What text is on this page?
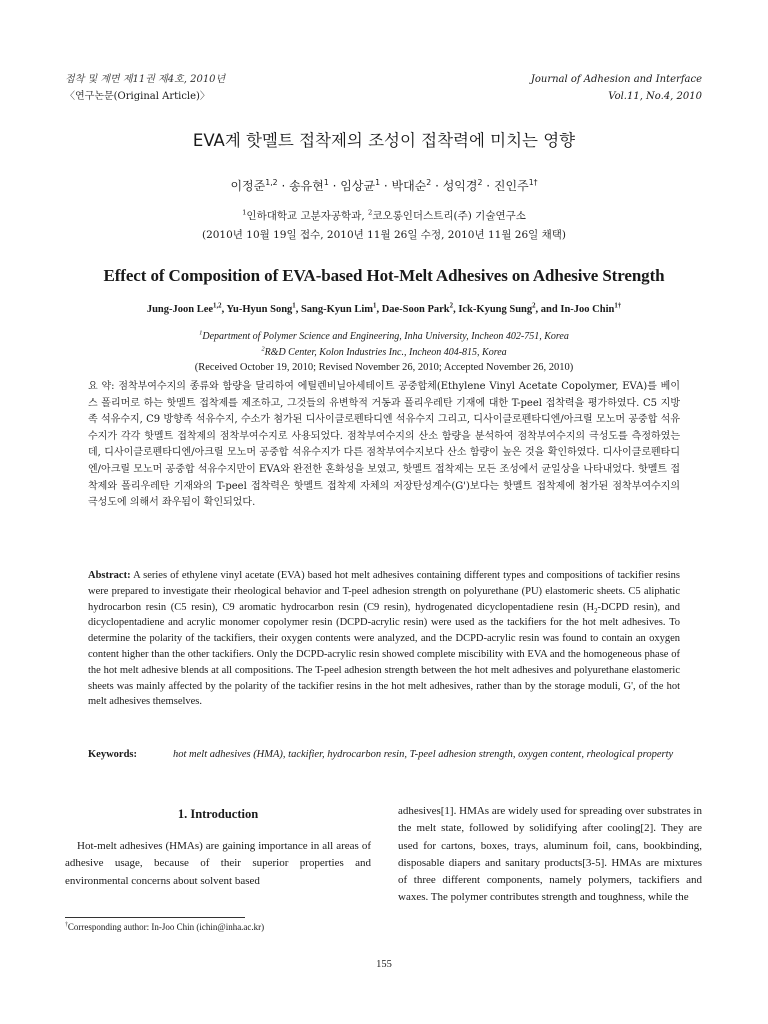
접착 및 계면 제11권 제4호, 2010년
〈연구논문(Original Article)〉
Journal of Adhesion and Interface
Vol.11, No.4, 2010
EVA계 핫멜트 접착제의 조성이 접착력에 미치는 영향
이정준$^{1,2}$ · 송유현$^1$ · 임상균$^1$ · 박대순$^2$ · 성익경$^2$ · 진인주$^{1\dagger}$
$^1$인하대학교 고분자공학과, $^2$코오롱인더스트리(주) 기술연구소
(2010년 10월 19일 접수, 2010년 11월 26일 수정, 2010년 11월 26일 채택)
Effect of Composition of EVA-based Hot-Melt Adhesives on Adhesive Strength
Jung-Joon Lee$^{1,2}$, Yu-Hyun Song$^1$, Sang-Kyun Lim$^1$, Dae-Soon Park$^2$, Ick-Kyung Sung$^2$, and In-Joo Chin$^{1\dagger}$
$^1$Department of Polymer Science and Engineering, Inha University, Incheon 402-751, Korea
$^2$R&D Center, Kolon Industries Inc., Incheon 404-815, Korea
(Received October 19, 2010; Revised November 26, 2010; Accepted November 26, 2010)
요 약: 점착부여수지의 종류와 함량을 달리하여 에틸렌비닐아세테이트 공중합체(Ethylene Vinyl Acetate Copolymer, EVA)를 베이스 폴리머로 하는 핫멜트 접착제를 제조하고, 그것들의 유변학적 거동과 폴리우레탄 기재에 대한 T-peel 접착력을 평가하였다. C5 지방족 석유수지, C9 방향족 석유수지, 수소가 첨가된 디사이클로펜타디엔 석유수지 그리고, 디사이클로펜타디엔/아크릴 모노머 공중합 석유수지가 각각 핫멜트 접착제의 점착부여수지로 사용되었다. 점착부여수지의 산소 함량을 분석하여 점착부여수지의 극성도를 측정하였는데, 디사이클로펜타디엔/아크릴 모노머 공중합 석유수지가 다른 점착부여수지보다 산소 함량이 높은 것을 확인하였다. 디사이클로펜타디엔/아크릴 모노머 공중합 석유수지만이 EVA와 완전한 혼화성을 보였고, 핫멜트 접착제는 모든 조성에서 균일상을 나타내었다. 핫멜트 접착제와 폴리우레탄 기재와의 T-peel 접착력은 핫멜트 접착제 자체의 저장탄성계수(G')보다는 핫멜트 접착제에 첨가된 점착부여수지의 극성도에 의해서 좌우됨이 확인되었다.
Abstract: A series of ethylene vinyl acetate (EVA) based hot melt adhesives containing different types and compositions of tackifier resins were prepared to investigate their rheological behavior and T-peel adhesion strength on polyurethane (PU) elastomeric sheets. C5 aliphatic hydrocarbon resin (C5 resin), C9 aromatic hydrocarbon resin (C9 resin), hydrogenated dicyclopentadiene resin ($H_2$-DCPD resin), and dicyclopentadiene and acrylic monomer copolymer resin (DCPD-acrylic resin) were used as the tackifiers for the hot melt adhesives. To determine the polarity of the tackifiers, their oxygen contents were analyzed, and the DCPD-acrylic resin was found to contain an oxygen content higher than the other tackifiers. Only the DCPD-acrylic resin showed complete miscibility with EVA and the homogeneous phase of the hot melt adhesive blends at all compositions. The T-peel adhesion strength between the hot melt adhesives and polyurethane elastomeric sheets was mainly affected by the polarity of the tackifier resins in the hot melt adhesives, rather than by the storage moduli, G', of the hot melt adhesives themselves.
Keywords:	hot melt adhesives (HMA), tackifier, hydrocarbon resin, T-peel adhesion strength, oxygen content, rheological property
1. Introduction
Hot-melt adhesives (HMAs) are gaining importance in all areas of adhesive usage, because of their superior properties and environmental concerns about solvent based
adhesives[1]. HMAs are widely used for spreading over substrates in the melt state, followed by solidifying after cooling[2]. They are used for cartons, boxes, trays, aluminum foil, cans, bookbinding, disposable diapers and sanitary products[3-5]. HMAs are mixtures of three different components, namely polymers, tackifiers and waxes. The polymer contributes strength and toughness, while the
†Corresponding author: In-Joo Chin (ichin@inha.ac.kr)
155
